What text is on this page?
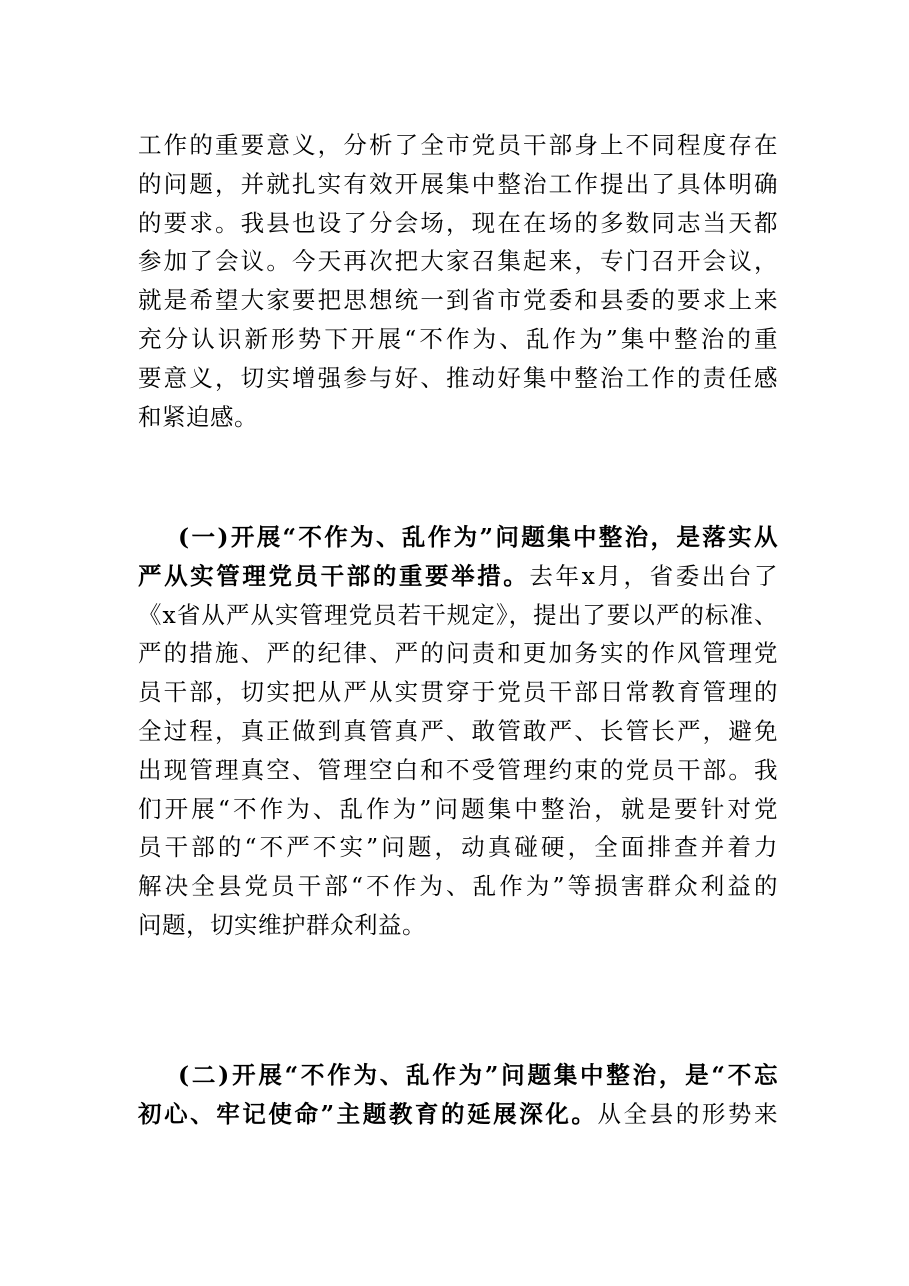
工作的重要意义，分析了全市党员干部身上不同程度存在
的问题，并就扎实有效开展集中整治工作提出了具体明确
的要求。我县也设了分会场，现在在场的多数同志当天都
参加了会议。今天再次把大家召集起来，专门召开会议，
就是希望大家要把思想统一到省市党委和县委的要求上来
充分认识新形势下开展“不作为、乱作为”集中整治的重
要意义，切实增强参与好、推动好集中整治工作的责任感
和紧迫感。
(一)开展“不作为、乱作为”问题集中整治，是落实从
严从实管理党员干部的重要举措。去年x月，省委出台了
《x省从严从实管理党员若干规定》，提出了要以严的标准、
严的措施、严的纪律、严的问责和更加务实的作风管理党
员干部，切实把从严从实贯穿于党员干部日常教育管理的
全过程，真正做到真管真严、敢管敢严、长管长严，避免
出现管理真空、管理空白和不受管理约束的党员干部。我
们开展“不作为、乱作为”问题集中整治，就是要针对党
员干部的“不严不实”问题，动真碰硬，全面排查并着力
解决全县党员干部“不作为、乱作为”等损害群众利益的
问题，切实维护群众利益。
(二)开展“不作为、乱作为”问题集中整治，是“不忘
初心、牢记使命”主题教育的延展深化。从全县的形势来
